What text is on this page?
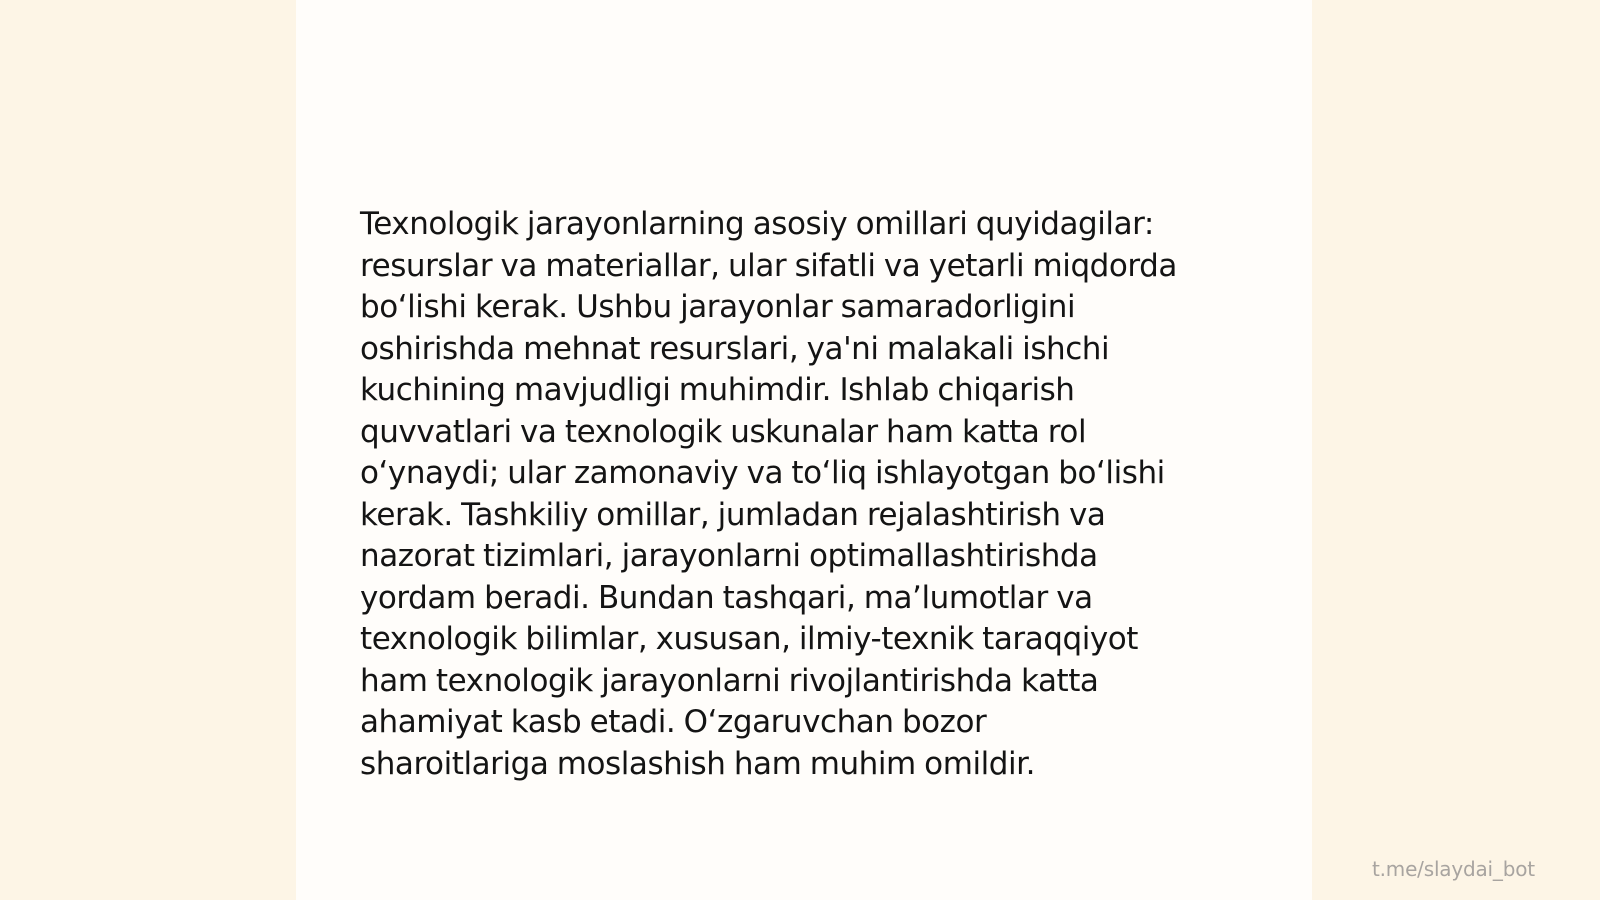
Texnologik jarayonlarning asosiy omillari quyidagilar:
resurslar va materiallar, ular sifatli va yetarli miqdorda
bo‘lishi kerak. Ushbu jarayonlar samaradorligini
oshirishda mehnat resurslari, ya'ni malakali ishchi
kuchining mavjudligi muhimdir. Ishlab chiqarish
quvvatlari va texnologik uskunalar ham katta rol
o‘ynaydi; ular zamonaviy va to‘liq ishlayotgan bo‘lishi
kerak. Tashkiliy omillar, jumladan rejalashtirish va
nazorat tizimlari, jarayonlarni optimallashtirishda
yordam beradi. Bundan tashqari, ma’lumotlar va
texnologik bilimlar, xususan, ilmiy-texnik taraqqiyot
ham texnologik jarayonlarni rivojlantirishda katta
ahamiyat kasb etadi. O‘zgaruvchan bozor
sharoitlariga moslashish ham muhim omildir.

t.me/slaydai_bot
